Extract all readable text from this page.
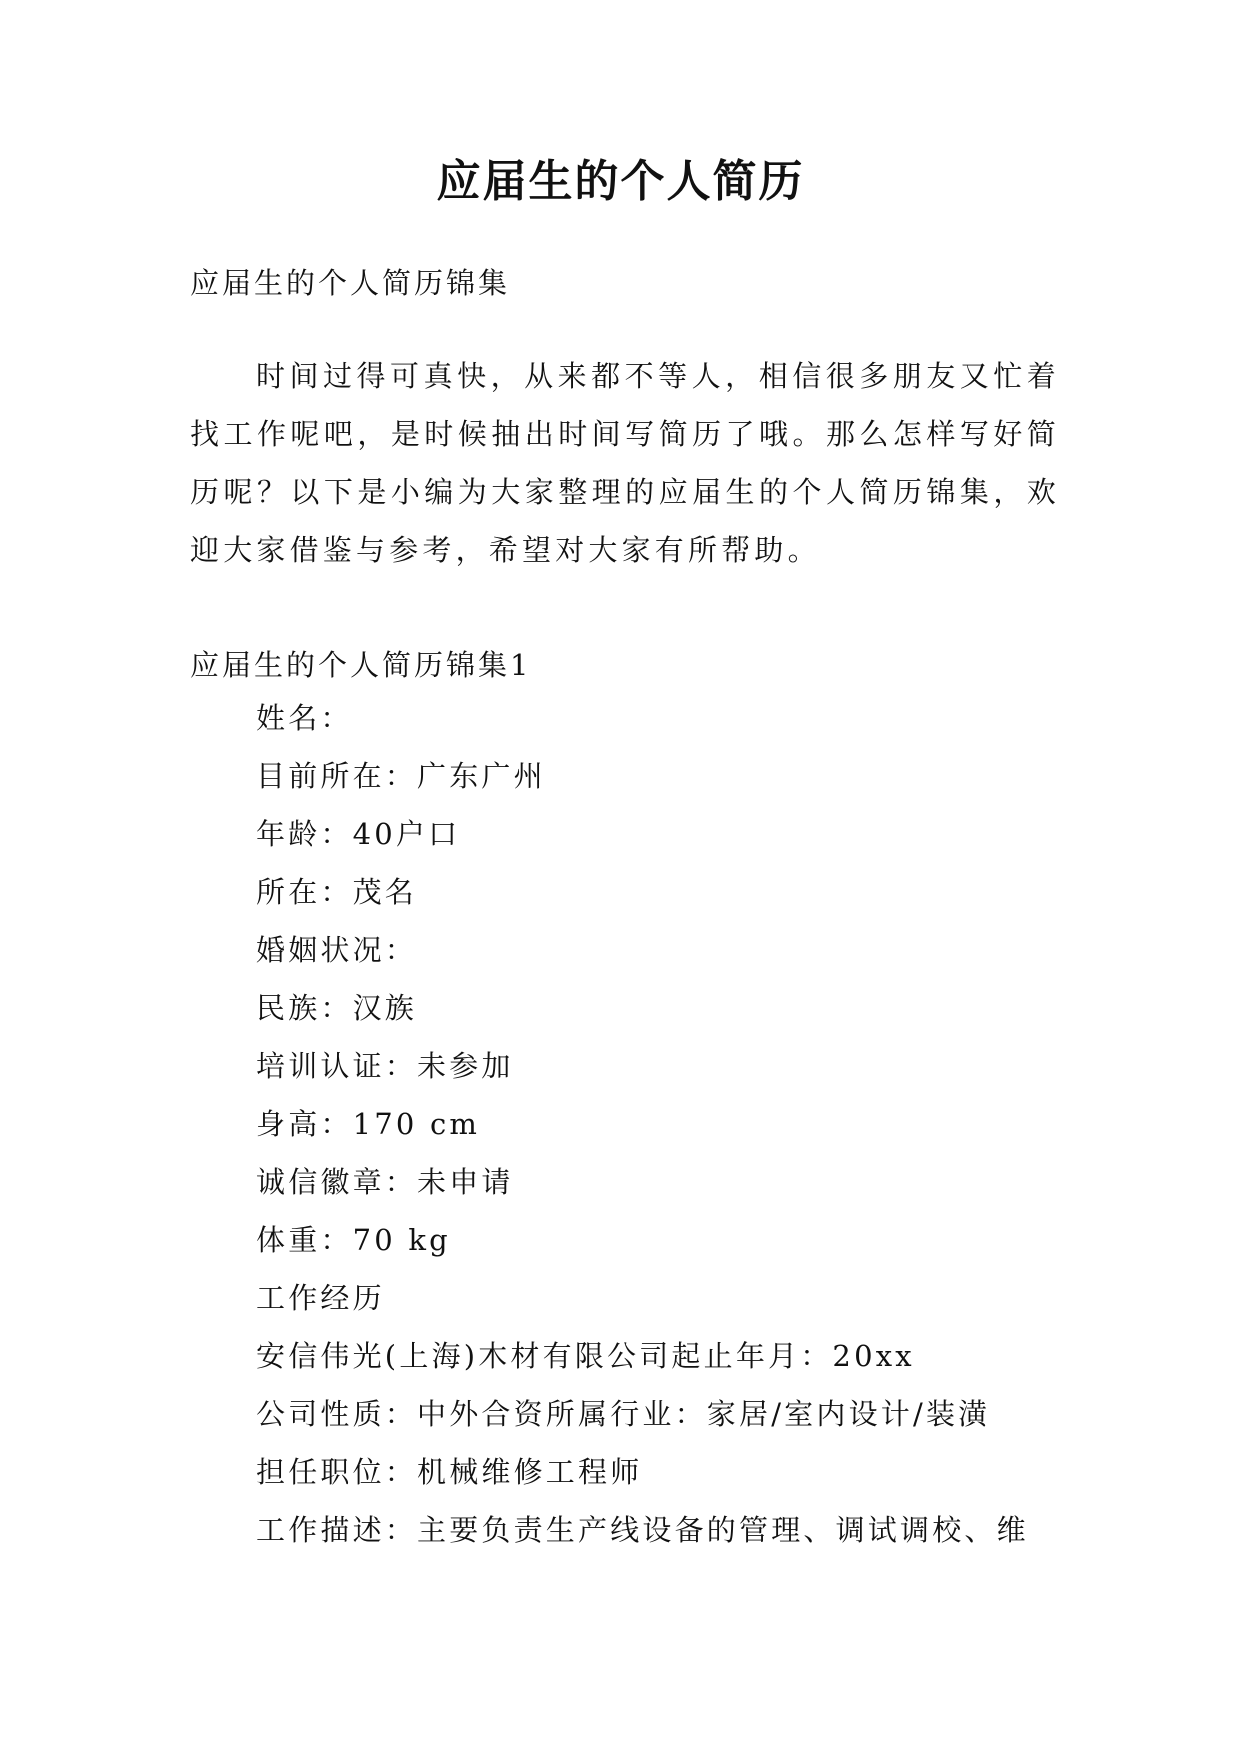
应届生的个人简历

应届生的个人简历锦集

时间过得可真快，从来都不等人，相信很多朋友又忙着找工作呢吧，是时候抽出时间写简历了哦。那么怎样写好简历呢？以下是小编为大家整理的应届生的个人简历锦集，欢迎大家借鉴与参考，希望对大家有所帮助。

应届生的个人简历锦集1

姓名：

目前所在：广东广州

年龄：40户口

所在：茂名

婚姻状况：

民族：汉族

培训认证：未参加

身高：170 cm

诚信徽章：未申请

体重：70 kg

工作经历

安信伟光(上海)木材有限公司起止年月：20xx

公司性质：中外合资所属行业：家居/室内设计/装潢

担任职位：机械维修工程师

工作描述：主要负责生产线设备的管理、调试调校、维
